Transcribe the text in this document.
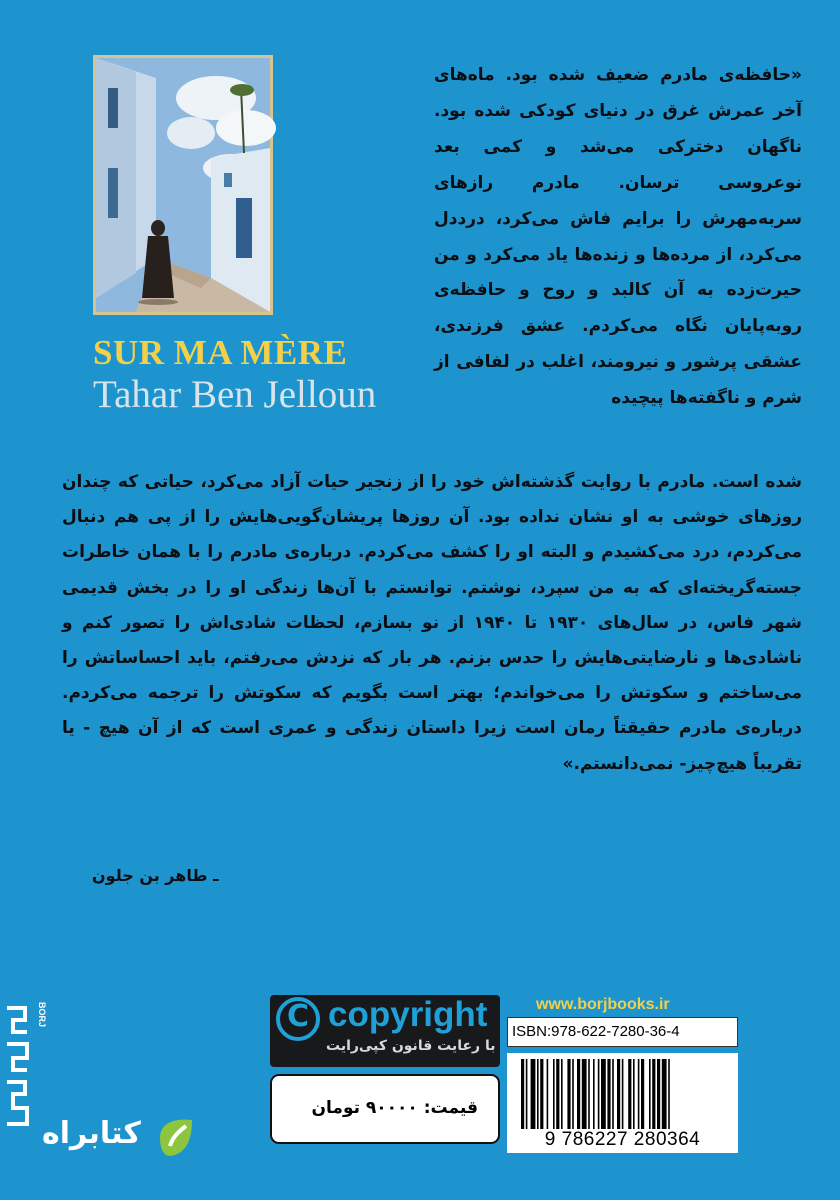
SUR MA MÈRE
Tahar Ben Jelloun
«حافظه‌ی مادرم ضعیف شده بود. ماه‌های آخر عمرش غرق در دنیای کودکی شده بود. ناگهان دخترکی می‌شد و کمی بعد نوعروسی ترسان. مادرم رازهای سربه‌مهرش را برایم فاش می‌کرد، درددل می‌کرد، از مرده‌ها و زنده‌ها یاد می‌کرد و من حیرت‌زده به آن کالبد و روح و حافظه‌ی روبه‌پایان نگاه می‌کردم. عشق فرزندی، عشقی پرشور و نیرومند، اغلب در لفافی از شرم و ناگفته‌ها پیچیده
شده است. مادرم با روایت گذشته‌اش خود را از زنجیر حیات آزاد می‌کرد، حیاتی که چندان روزهای خوشی به او نشان نداده بود. آن روزها پریشان‌گویی‌هایش را از پی هم دنبال می‌کردم، درد می‌کشیدم و البته او را کشف می‌کردم. درباره‌ی مادرم را با همان خاطرات جسته‌گریخته‌ای که به من سپرد، نوشتم. توانستم با آن‌ها زندگی او را در بخش قدیمی شهر فاس، در سال‌های ۱۹۳۰ تا ۱۹۴۰ از نو بسازم، لحظات شادی‌اش را تصور کنم و ناشادی‌ها و نارضایتی‌هایش را حدس بزنم. هر بار که نزدش می‌رفتم، باید احساساتش را می‌ساختم و سکوتش را می‌خواندم؛ بهتر است بگویم که سکوتش را ترجمه می‌کردم. درباره‌ی مادرم حقیقتاً رمان است زیرا داستان زندگی و عمری است که از آن هیچ - یا تقریباً هیچ‌چیز- نمی‌دانستم.»
ـ طاهر بن جلون
BORJ
کتابراه
C copyright
با رعایت قانون کپی‌رایت
www.borjbooks.ir
ISBN:978-622-7280-36-4
قیمت: ۹۰۰۰۰ تومان
9 786227 280364
